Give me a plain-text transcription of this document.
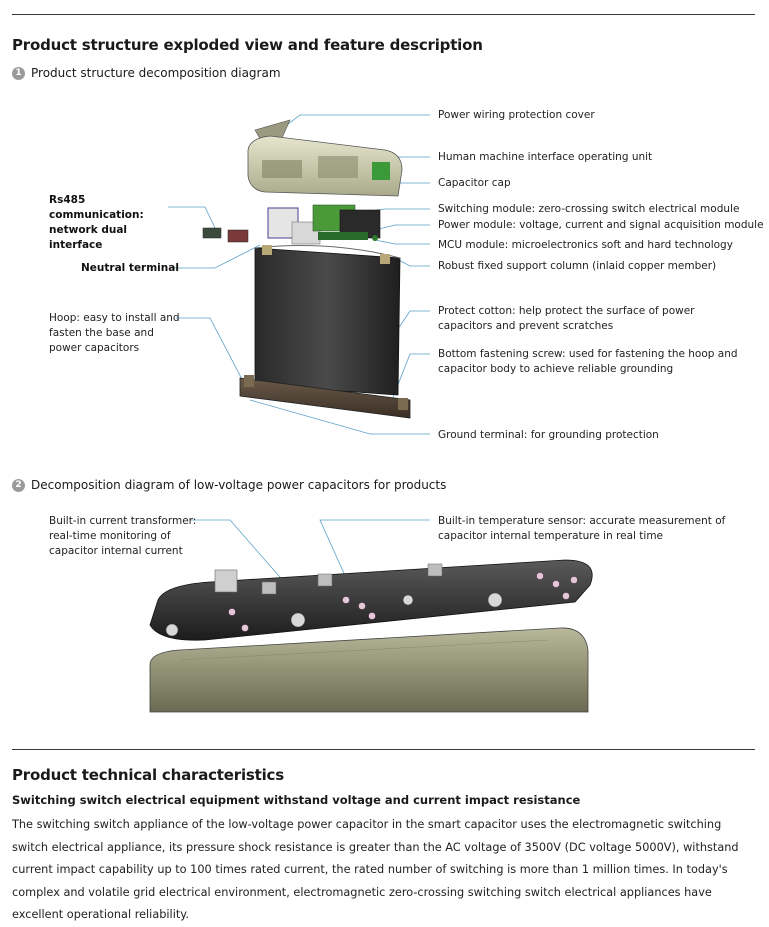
Product structure exploded view and feature description
1 Product structure decomposition diagram
Power wiring protection cover
Human machine interface operating unit
Capacitor cap
Switching module: zero-crossing switch electrical module
Power module: voltage, current and signal acquisition module
MCU module: microelectronics soft and hard technology
Robust fixed support column (inlaid copper member)
Protect cotton: help protect the surface of power capacitors and prevent scratches
Bottom fastening screw: used for fastening the hoop and capacitor body to achieve reliable grounding
Ground terminal: for grounding protection
Rs485 communication: network dual interface
Neutral terminal
Hoop: easy to install and fasten the base and power capacitors
2 Decomposition diagram of low-voltage power capacitors for products
Built-in current transformer: real-time monitoring of capacitor internal current
Built-in temperature sensor: accurate measurement of capacitor internal temperature in real time
Product technical characteristics
Switching switch electrical equipment withstand voltage and current impact resistance
The switching switch appliance of the low-voltage power capacitor in the smart capacitor uses the electromagnetic switching switch electrical appliance, its pressure shock resistance is greater than the AC voltage of 3500V (DC voltage 5000V), withstand current impact capability up to 100 times rated current, the rated number of switching is more than 1 million times. In today's complex and volatile grid electrical environment, electromagnetic zero-crossing switching switch electrical appliances have excellent operational reliability.
